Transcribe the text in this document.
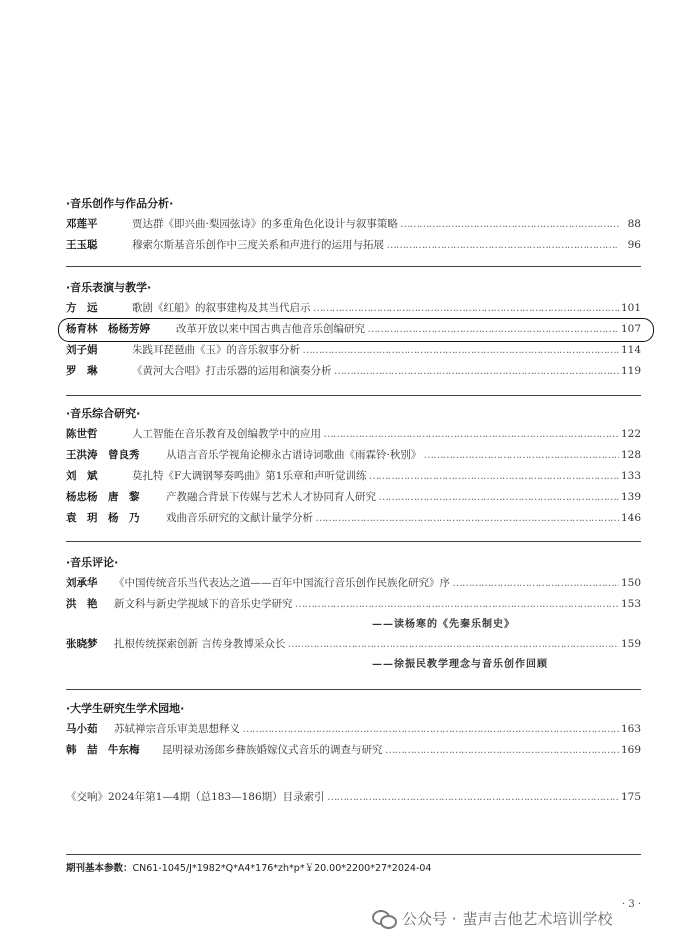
·音乐创作与作品分析·
邓莲平	贾达群《即兴曲·梨园弦诗》的多重角色化设计与叙事策略 ……………………………………………………………………………………………………………………………………………………………………………………	88
王玉聪	穆索尔斯基音乐创作中三度关系和声进行的运用与拓展 ……………………………………………………………………………………………………………………………………………………………………………………	96
·音乐表演与教学·
方　远	歌剧《红船》的叙事建构及其当代启示 ……………………………………………………………………………………………………………………………………………………………………………………	101
杨育林　杨杨芳婷 改革开放以来中国古典吉他音乐创编研究 ……………………………………………………………………………………………………………………………………………………………………………………	107
刘子娟	朱践耳琵琶曲《玉》的音乐叙事分析 ……………………………………………………………………………………………………………………………………………………………………………………	114
罗　琳	《黄河大合唱》打击乐器的运用和演奏分析 ……………………………………………………………………………………………………………………………………………………………………………………	119
·音乐综合研究·
陈世哲	人工智能在音乐教育及创编教学中的应用 ……………………………………………………………………………………………………………………………………………………………………………………	122
王洪涛　曾良秀	从语言音乐学视角论柳永古谱诗词歌曲《雨霖铃·秋别》 ……………………………………………………………………………………………………………………………………………………………………………………	128
刘　斌	莫扎特《F大调钢琴奏鸣曲》第1乐章和声听觉训练 ……………………………………………………………………………………………………………………………………………………………………………………	133
杨忠杨　唐　黎	产教融合背景下传媒与艺术人才协同育人研究 ……………………………………………………………………………………………………………………………………………………………………………………	139
袁　玥　杨　乃	戏曲音乐研究的文献计量学分析 ……………………………………………………………………………………………………………………………………………………………………………………	146
·音乐评论·
刘承华 《中国传统音乐当代表达之道——百年中国流行音乐创作民族化研究》序 ……………………………………………………………………………………………………………………………………………………………………………………	150
洪　艳 新文科与新史学视域下的音乐史学研究 ……………………………………………………………………………………………………………………………………………………………………………………	153
——读杨寒的《先秦乐制史》
张晓梦 扎根传统探索创新 言传身教博采众长 ……………………………………………………………………………………………………………………………………………………………………………………	159
——徐振民教学理念与音乐创作回顾
·大学生研究生学术园地·
马小茹 苏轼禅宗音乐审美思想释义 ……………………………………………………………………………………………………………………………………………………………………………………	163
韩　喆　牛东梅 昆明禄劝汤郎乡彝族婚嫁仪式音乐的调查与研究 ……………………………………………………………………………………………………………………………………………………………………………………	169
《交响》2024年第1—4期（总183—186期）目录索引 ……………………………………………………………………………………………………………………………………………………………………………………	175
期刊基本参数：CN61-1045/J*1982*Q*A4*176*zh*p*￥20.00*2200*27*2024-04
· 3 ·
公众号 · 蜚声吉他艺术培训学校
